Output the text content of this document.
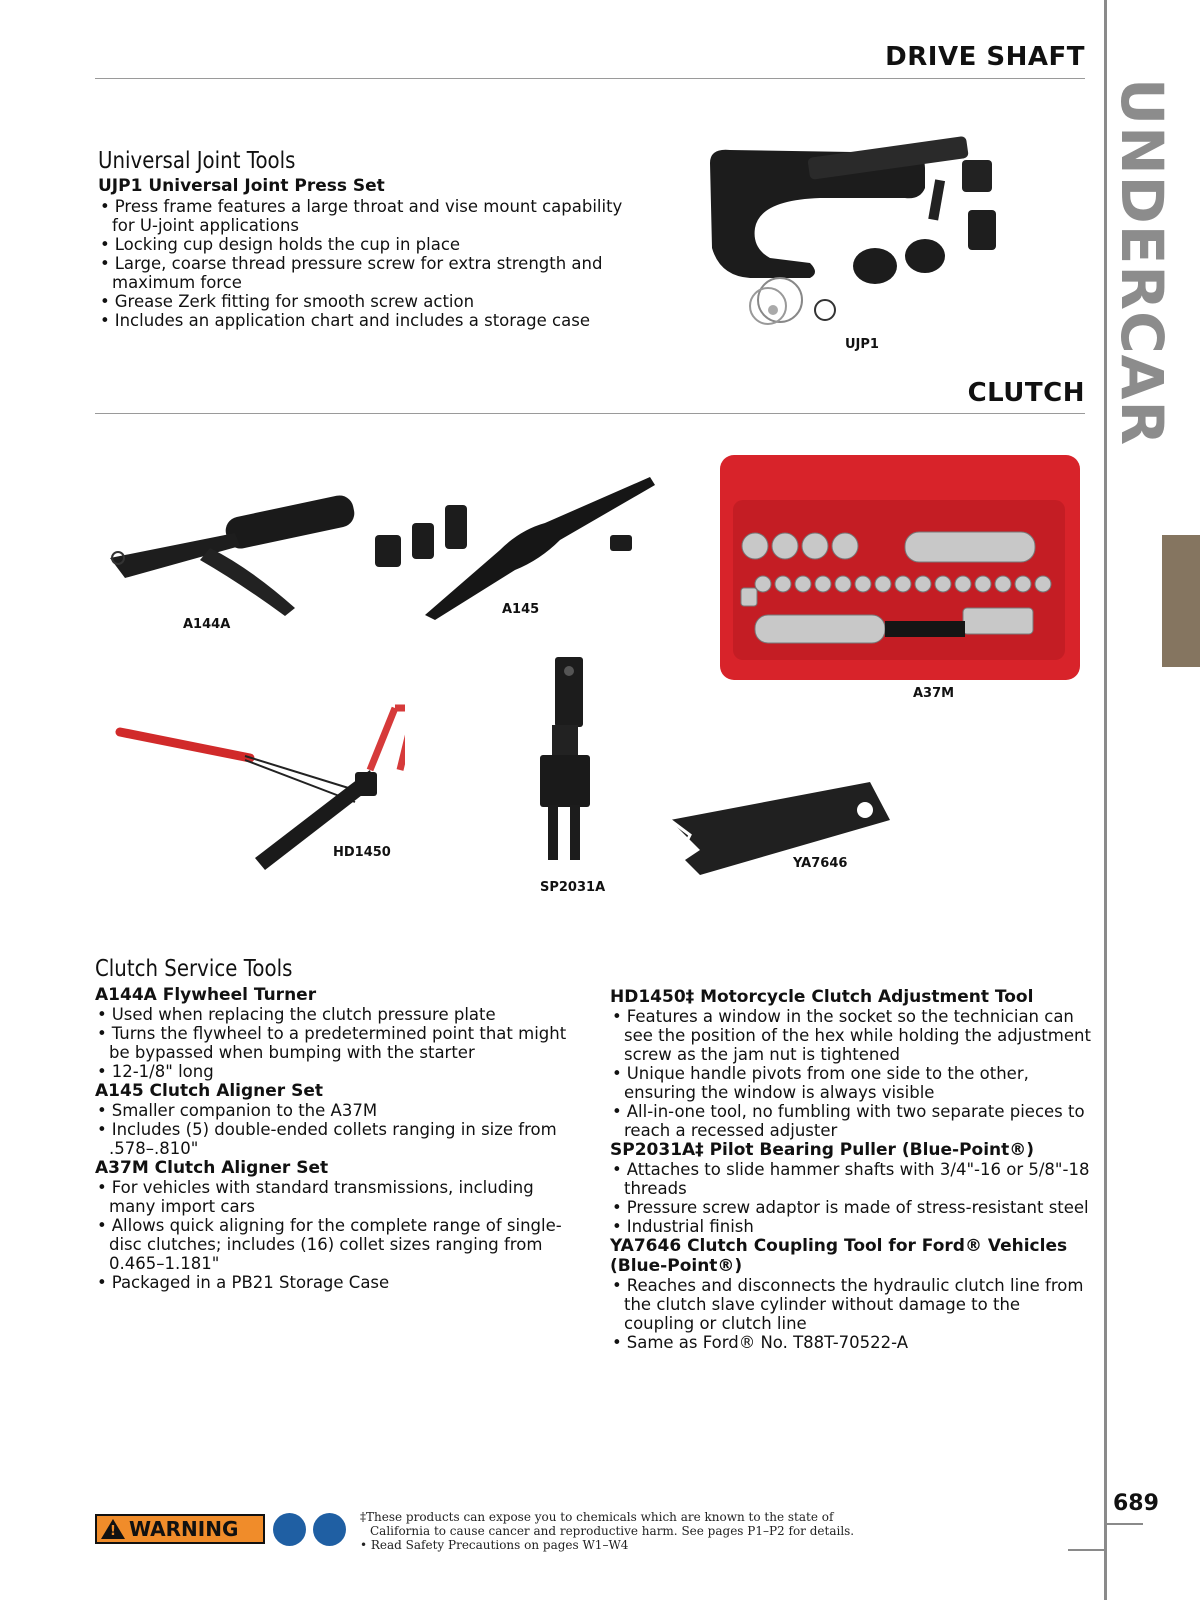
DRIVE SHAFT
CLUTCH UNDERCAR
Universal Joint Tools
UJP1 Universal Joint Press Set
• Press frame features a large throat and vise mount capability for U-joint applications
• Locking cup design holds the cup in place
• Large, coarse thread pressure screw for extra strength and maximum force
• Grease Zerk fitting for smooth screw action
• Includes an application chart and includes a storage case
UJP1
A144A
A145
A37M
HD1450
SP2031A
YA7646
Clutch Service Tools
A144A Flywheel Turner
• Used when replacing the clutch pressure plate
• Turns the flywheel to a predetermined point that might be bypassed when bumping with the starter
• 12-1/8" long
A145 Clutch Aligner Set
• Smaller companion to the A37M
• Includes (5) double-ended collets ranging in size from .578–.810"
A37M Clutch Aligner Set
• For vehicles with standard transmissions, including many import cars
• Allows quick aligning for the complete range of single-disc clutches; includes (16) collet sizes ranging from 0.465–1.181"
• Packaged in a PB21 Storage Case
HD1450‡ Motorcycle Clutch Adjustment Tool
• Features a window in the socket so the technician can see the position of the hex while holding the adjustment screw as the jam nut is tightened
• Unique handle pivots from one side to the other, ensuring the window is always visible
• All-in-one tool, no fumbling with two separate pieces to reach a recessed adjuster
SP2031A‡ Pilot Bearing Puller (Blue-Point®)
• Attaches to slide hammer shafts with 3/4"-16 or 5/8"-18 threads
• Pressure screw adaptor is made of stress-resistant steel
• Industrial finish
YA7646 Clutch Coupling Tool for Ford® Vehicles (Blue-Point®)
• Reaches and disconnects the hydraulic clutch line from the clutch slave cylinder without damage to the coupling or clutch line
• Same as Ford® No. T88T-70522-A
689
! WARNING	‡These products can expose you to chemicals which are known to the state of
California to cause cancer and reproductive harm. See pages P1–P2 for details.
• Read Safety Precautions on pages W1–W4
